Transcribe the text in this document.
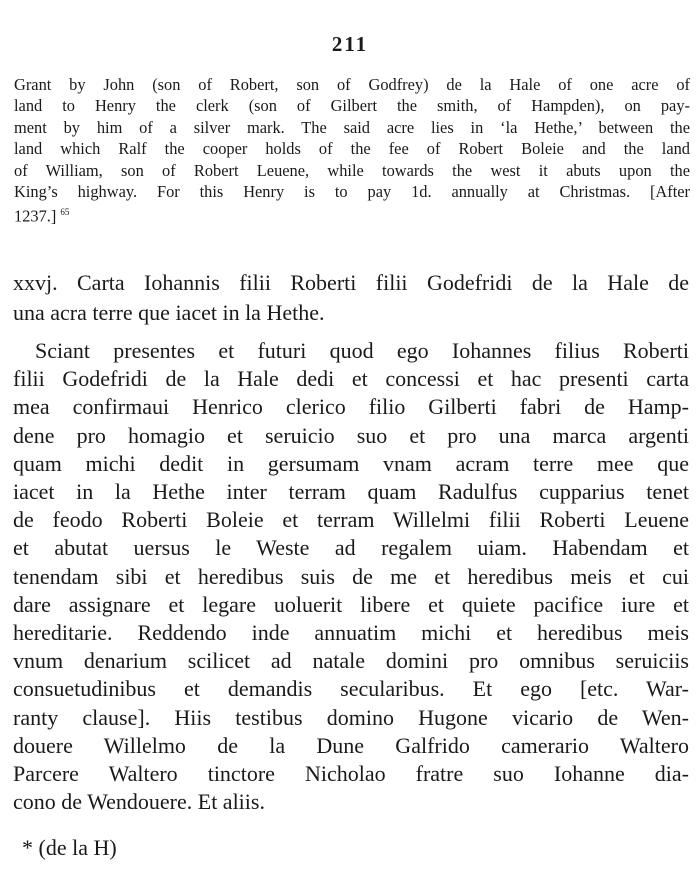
211
Grant by John (son of Robert, son of Godfrey) de la Hale of one acre of
land to Henry the clerk (son of Gilbert the smith, of Hampden), on pay-
ment by him of a silver mark. The said acre lies in ‘la Hethe,’ between the
land which Ralf the cooper holds of the fee of Robert Boleie and the land
of William, son of Robert Leuene, while towards the west it abuts upon the
King’s highway. For this Henry is to pay 1d. annually at Christmas. [After
1237.] $^{65}$
xxvj. Carta Iohannis filii Roberti filii Godefridi de la Hale de
una acra terre que iacet in la Hethe.
Sciant presentes et futuri quod ego Iohannes filius Roberti
filii Godefridi de la Hale dedi et concessi et hac presenti carta
mea confirmaui Henrico clerico filio Gilberti fabri de Hamp-
dene pro homagio et seruicio suo et pro una marca argenti
quam michi dedit in gersumam vnam acram terre mee que
iacet in la Hethe inter terram quam Radulfus cupparius tenet
de feodo Roberti Boleie et terram Willelmi filii Roberti Leuene
et abutat uersus le Weste ad regalem uiam. Habendam et
tenendam sibi et heredibus suis de me et heredibus meis et cui
dare assignare et legare uoluerit libere et quiete pacifice iure et
hereditarie. Reddendo inde annuatim michi et heredibus meis
vnum denarium scilicet ad natale domini pro omnibus seruiciis
consuetudinibus et demandis secularibus. Et ego [etc. War-
ranty clause]. Hiis testibus domino Hugone vicario de Wen-
douere Willelmo de la Dune Galfrido camerario Waltero
Parcere Waltero tinctore Nicholao fratre suo Iohanne dia-
cono de Wendouere. Et aliis.
* (de la H)
